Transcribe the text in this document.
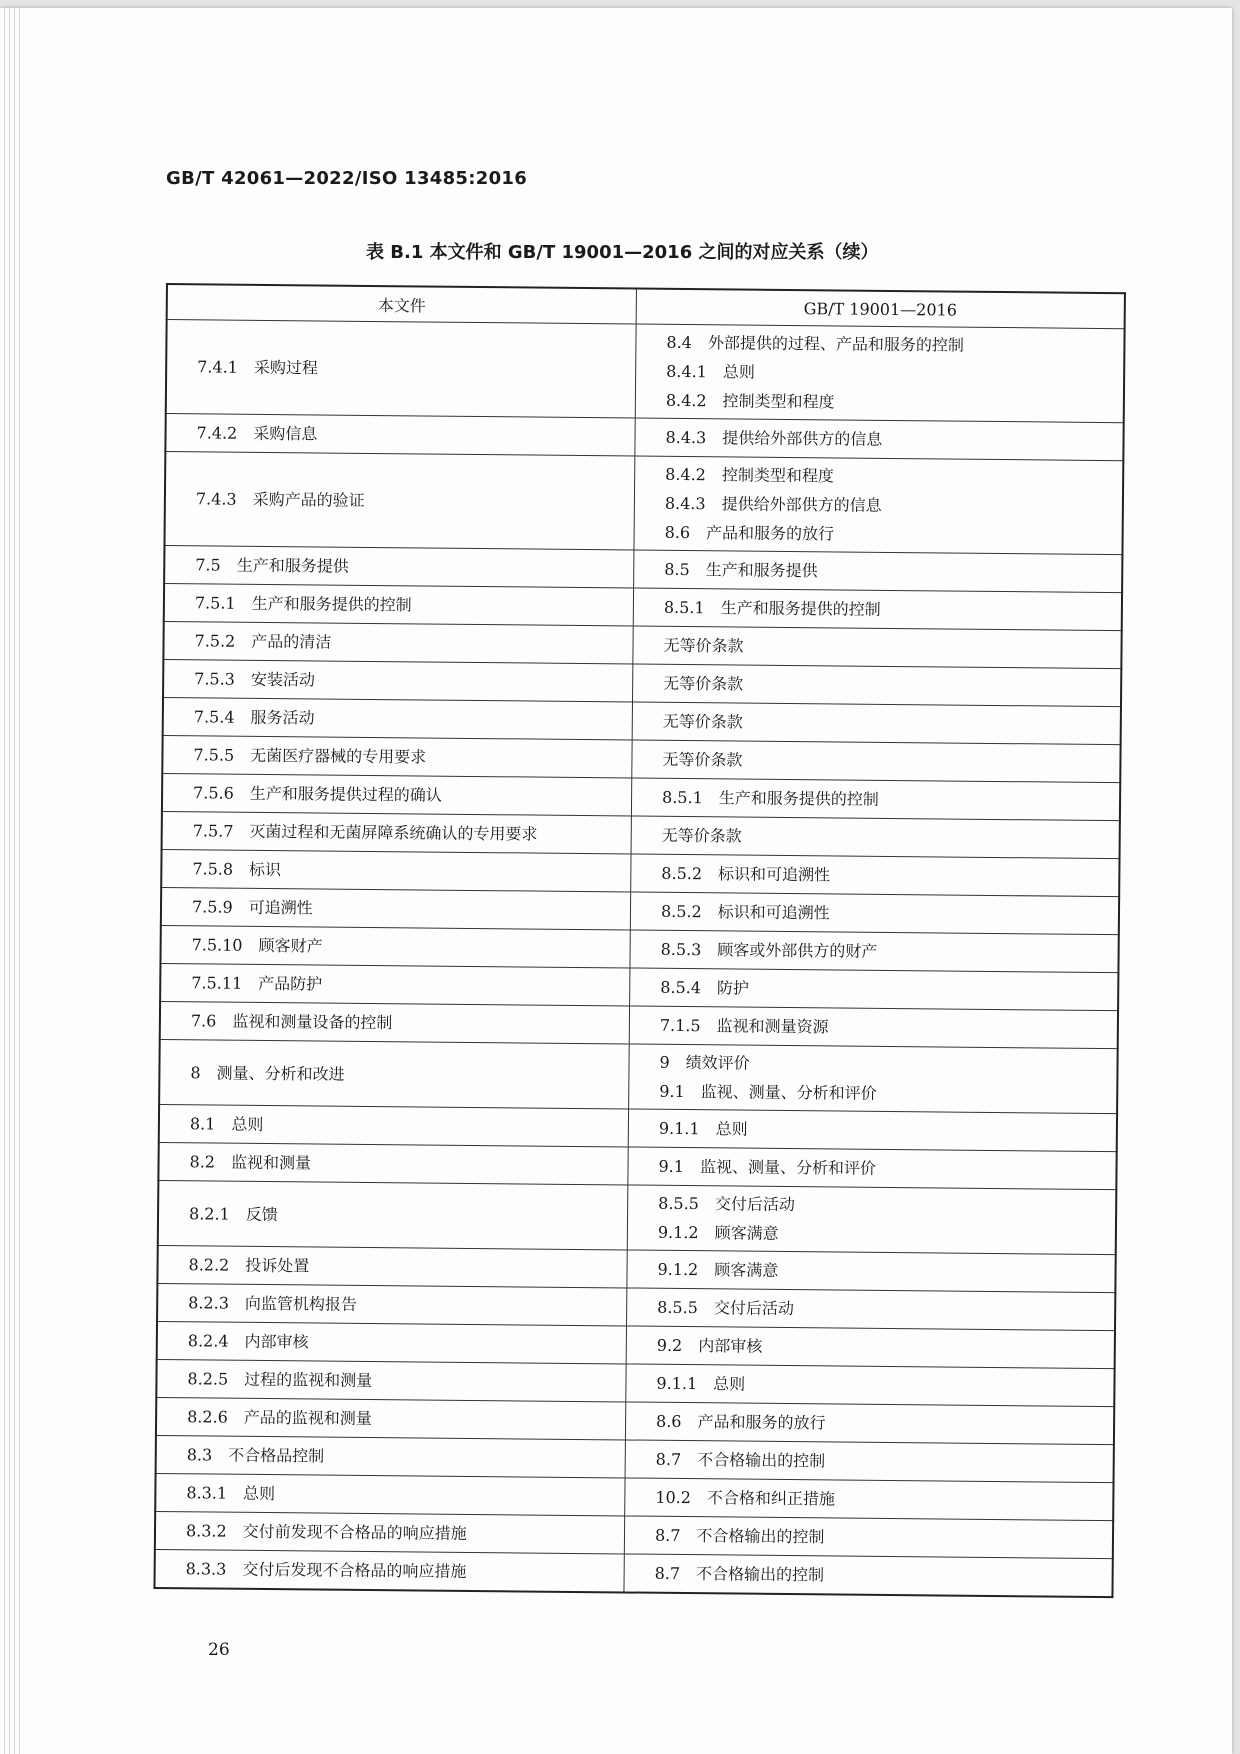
GB/T 42061—2022/ISO 13485:2016
表 B.1 本文件和 GB/T 19001—2016 之间的对应关系（续）
本文件	GB/T 19001—2016

7.4.1 采购过程	8.4 外部提供的过程、产品和服务的控制
8.4.1 总则
8.4.2 控制类型和程度

7.4.2 采购信息	8.4.3 提供给外部供方的信息

7.4.3 采购产品的验证	8.4.2 控制类型和程度
8.4.3 提供给外部供方的信息
8.6 产品和服务的放行

7.5 生产和服务提供	8.5 生产和服务提供

7.5.1 生产和服务提供的控制	8.5.1 生产和服务提供的控制

7.5.2 产品的清洁	无等价条款

7.5.3 安装活动	无等价条款

7.5.4 服务活动	无等价条款

7.5.5 无菌医疗器械的专用要求	无等价条款

7.5.6 生产和服务提供过程的确认	8.5.1 生产和服务提供的控制

7.5.7 灭菌过程和无菌屏障系统确认的专用要求	无等价条款

7.5.8 标识	8.5.2 标识和可追溯性

7.5.9 可追溯性	8.5.2 标识和可追溯性

7.5.10 顾客财产	8.5.3 顾客或外部供方的财产

7.5.11 产品防护	8.5.4 防护

7.6 监视和测量设备的控制	7.1.5 监视和测量资源

8 测量、分析和改进	9 绩效评价
9.1 监视、测量、分析和评价

8.1 总则	9.1.1 总则

8.2 监视和测量	9.1 监视、测量、分析和评价

8.2.1 反馈	8.5.5 交付后活动
9.1.2 顾客满意

8.2.2 投诉处置	9.1.2 顾客满意

8.2.3 向监管机构报告	8.5.5 交付后活动

8.2.4 内部审核	9.2 内部审核

8.2.5 过程的监视和测量	9.1.1 总则

8.2.6 产品的监视和测量	8.6 产品和服务的放行

8.3 不合格品控制	8.7 不合格输出的控制

8.3.1 总则	10.2 不合格和纠正措施

8.3.2 交付前发现不合格品的响应措施	8.7 不合格输出的控制

8.3.3 交付后发现不合格品的响应措施	8.7 不合格输出的控制
26
